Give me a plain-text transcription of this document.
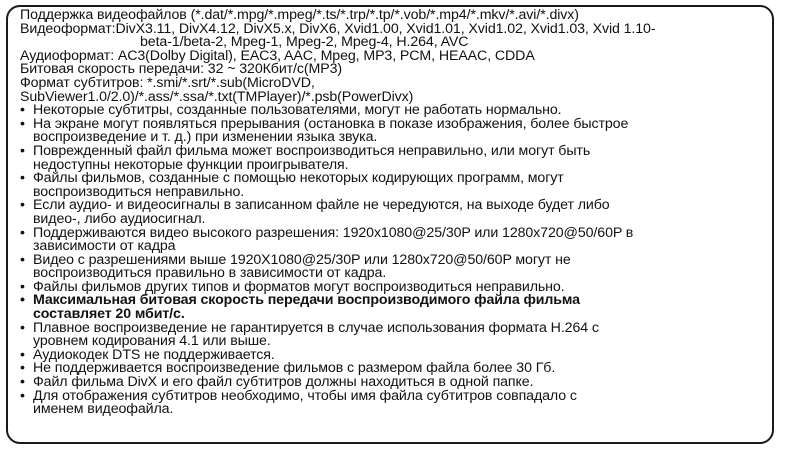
Поддержка видеофайлов (*.dat/*.mpg/*.mpeg/*.ts/*.trp/*.tp/*.vob/*.mp4/*.mkv/*.avi/*.divx)
Видеоформат:DivX3.11, DivX4.12, DivX5.x, DivX6, Xvid1.00, Xvid1.01, Xvid1.02, Xvid1.03, Xvid 1.10-
beta-1/beta-2, Mpeg-1, Mpeg-2, Mpeg-4, H.264, AVC
Аудиоформат: AC3(Dolby Digital), EAC3, AAC, Mpeg, MP3, PCM, HEAAC, CDDA
Битовая скорость передачи: 32 ~ 320Кбит/с(MP3)
Формат субтитров: *.smi/*.srt/*.sub(MicroDVD,
SubViewer1.0/2.0)/*.ass/*.ssa/*.txt(TMPlayer)/*.psb(PowerDivx)
• Некоторые субтитры, созданные пользователями, могут не работать нормально.
• На экране могут появляться прерывания (остановка в показе изображения, более быстрое
воспроизведение и т. д.) при изменении языка звука.
• Поврежденный файл фильма может воспроизводиться неправильно, или могут быть
недоступны некоторые функции проигрывателя.
• Файлы фильмов, созданные с помощью некоторых кодирующих программ, могут
воспроизводиться неправильно.
• Если аудио- и видеосигналы в записанном файле не чередуются, на выходе будет либо
видео-, либо аудиосигнал.
• Поддерживаются видео высокого разрешения: 1920x1080@25/30P или 1280x720@50/60P в
зависимости от кадра
• Видео с разрешениями выше 1920X1080@25/30P или 1280x720@50/60P могут не
воспроизводиться правильно в зависимости от кадра.
• Файлы фильмов других типов и форматов могут воспроизводиться неправильно.
• Максимальная битовая скорость передачи воспроизводимого файла фильма
составляет 20 мбит/с.
• Плавное воспроизведение не гарантируется в случае использования формата H.264 с
уровнем кодирования 4.1 или выше.
• Аудиокодек DTS не поддерживается.
• Не поддерживается воспроизведение фильмов с размером файла более 30 Гб.
• Файл фильма DivX и его файл субтитров должны находиться в одной папке.
• Для отображения субтитров необходимо, чтобы имя файла субтитров совпадало с
именем видеофайла.
